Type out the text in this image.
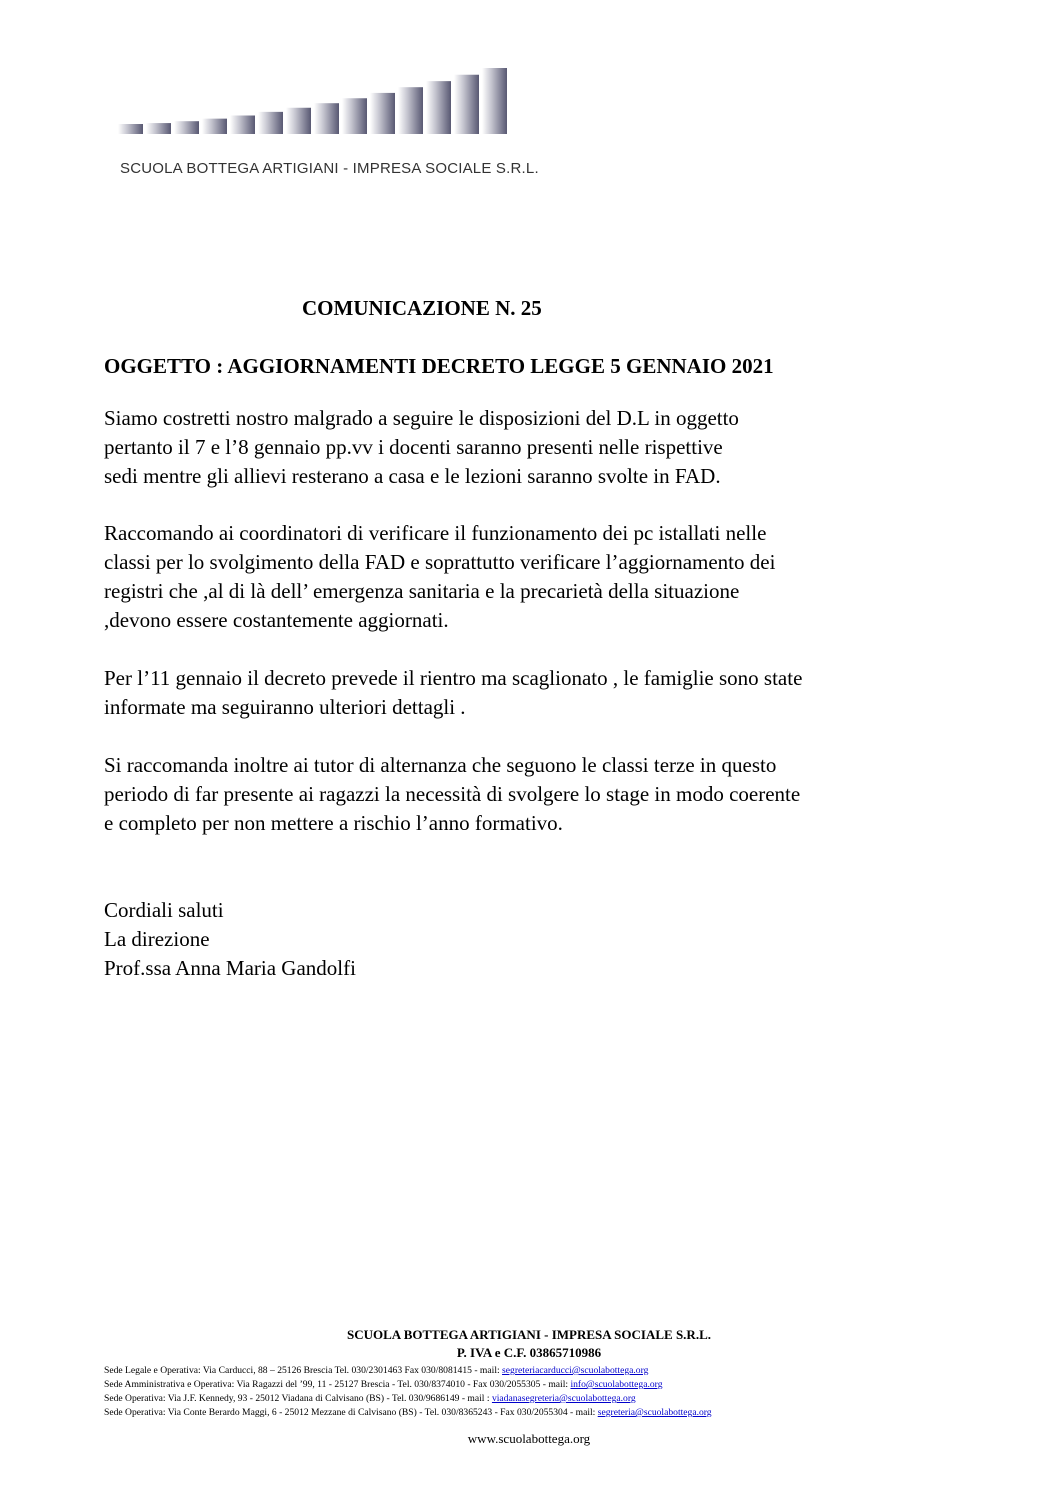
SCUOLA BOTTEGA ARTIGIANI - IMPRESA SOCIALE S.R.L.
COMUNICAZIONE N. 25
OGGETTO : AGGIORNAMENTI DECRETO LEGGE 5 GENNAIO 2021
Siamo costretti nostro malgrado a seguire le disposizioni del D.L in oggetto
pertanto il 7 e l’8 gennaio pp.vv i docenti saranno presenti nelle rispettive
sedi mentre gli allievi resterano a casa e le lezioni saranno svolte in FAD.
Raccomando ai coordinatori di verificare il funzionamento dei pc istallati nelle
classi per lo svolgimento della FAD e soprattutto verificare l’aggiornamento dei
registri che ,al di là dell’ emergenza sanitaria e la precarietà della situazione
,devono essere costantemente aggiornati.
Per l’11 gennaio il decreto prevede il rientro ma scaglionato , le famiglie sono state
informate ma seguiranno ulteriori dettagli .
Si raccomanda inoltre ai tutor di alternanza che seguono le classi terze in questo
periodo di far presente ai ragazzi la necessità di svolgere lo stage in modo coerente
e completo per non mettere a rischio l’anno formativo.
Cordiali saluti
La direzione
Prof.ssa Anna Maria Gandolfi
SCUOLA BOTTEGA ARTIGIANI - IMPRESA SOCIALE S.R.L.
P. IVA e C.F. 03865710986
Sede Legale e Operativa: Via Carducci, 88 – 25126 Brescia Tel. 030/2301463 Fax 030/8081415 - mail: segreteriacarducci@scuolabottega.org
Sede Amministrativa e Operativa: Via Ragazzi del ’99, 11 - 25127 Brescia - Tel. 030/8374010 - Fax 030/2055305 - mail: info@scuolabottega.org
Sede Operativa: Via J.F. Kennedy, 93 - 25012 Viadana di Calvisano (BS) - Tel. 030/9686149 - mail : viadanasegreteria@scuolabottega.org
Sede Operativa: Via Conte Berardo Maggi, 6 - 25012 Mezzane di Calvisano (BS) - Tel. 030/8365243 - Fax 030/2055304 - mail: segreteria@scuolabottega.org
www.scuolabottega.org
